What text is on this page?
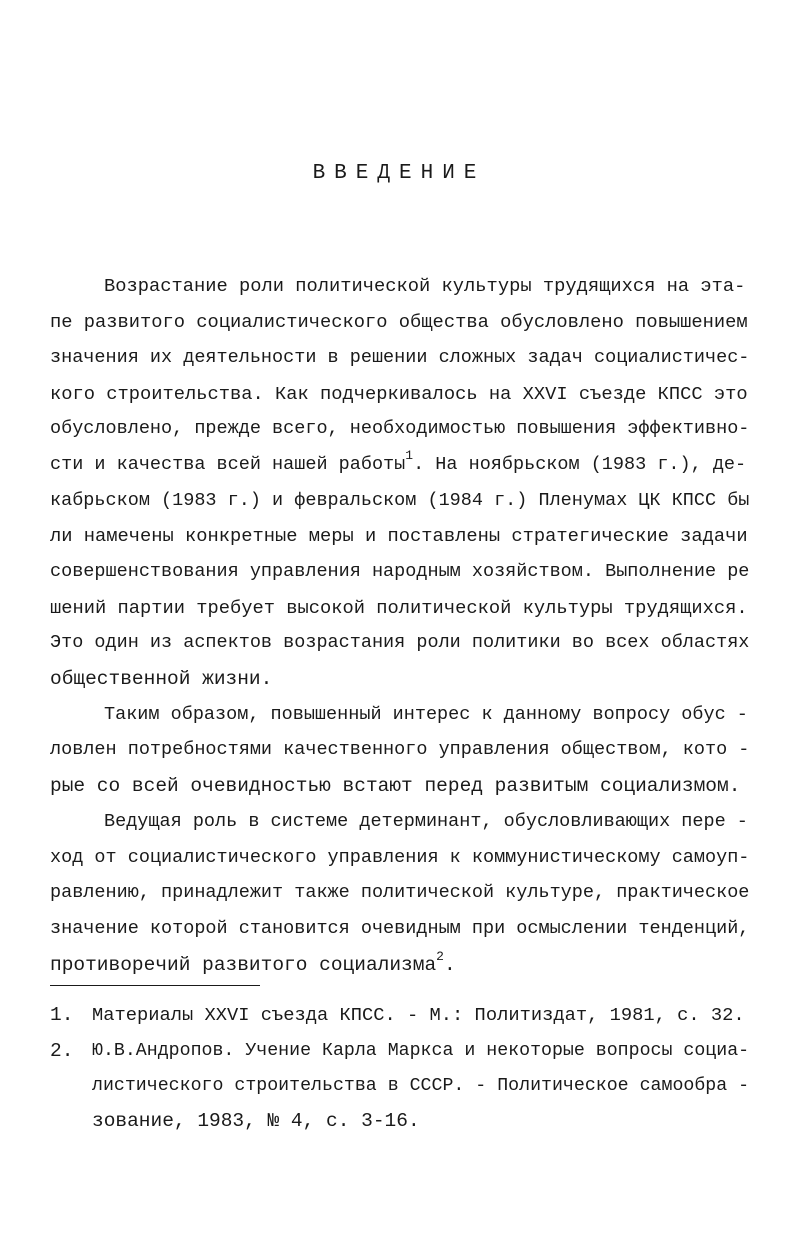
ВВЕДЕНИЕ
Возрастание роли политической культуры трудящихся на эта-
пе развитого социалистического общества обусловлено повышением
значения их деятельности в решении сложных задач социалистичес-
кого строительства. Как подчеркивалось на ХХVI съезде КПСС это
обусловлено, прежде всего, необходимостью повышения эффективно-
сти и качества всей нашей работы$^1$. На ноябрьском (1983 г.), де-
кабрьском (1983 г.) и февральском (1984 г.) Пленумах ЦК КПСС бы
ли намечены конкретные меры и поставлены стратегические задачи
совершенствования управления народным хозяйством. Выполнение ре
шений партии требует высокой политической культуры трудящихся.
Это один из аспектов возрастания роли политики во всех областях
общественной жизни.
Таким образом, повышенный интерес к данному вопросу обус -
ловлен потребностями качественного управления обществом, кото -
рые со всей очевидностью встают перед развитым социализмом.
Ведущая роль в системе детерминант, обусловливающих пере -
ход от социалистического управления к коммунистическому самоуп-
равлению, принадлежит также политической культуре, практическое
значение которой становится очевидным при осмыслении тенденций,
противоречий развитого социализма$^2$.
1. Материалы ХХVI съезда КПСС. - М.: Политиздат, 1981, с. 32.
2. Ю.В.Андропов. Учение Карла Маркса и некоторые вопросы социа-
листического строительства в СССР. - Политическое самообра -
зование, 1983, № 4, с. 3-16.
